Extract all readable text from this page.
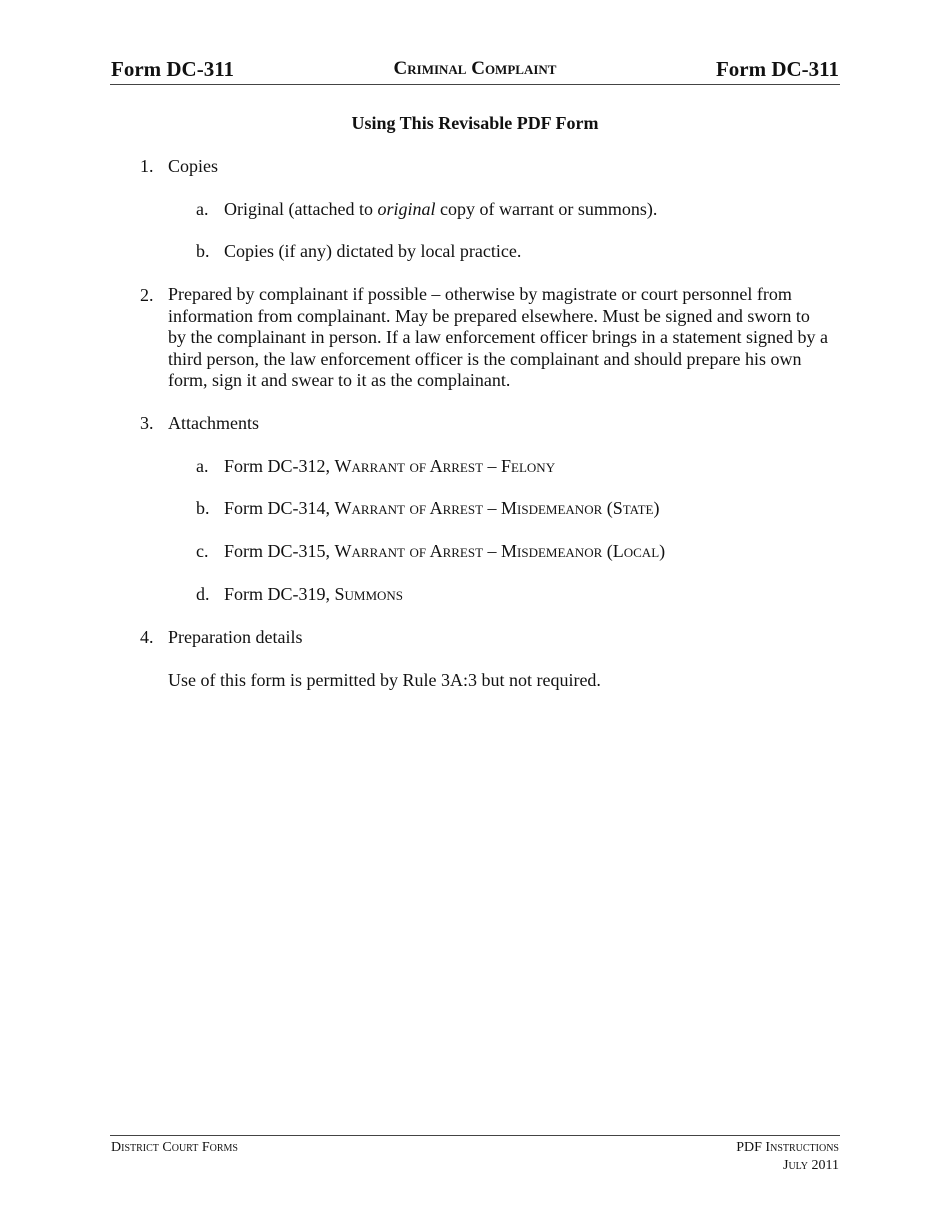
Form DC-311	Criminal Complaint	Form DC-311
Using This Revisable PDF Form
1. Copies
a. Original (attached to original copy of warrant or summons).
b. Copies (if any) dictated by local practice.
2. Prepared by complainant if possible – otherwise by magistrate or court personnel from information from complainant. May be prepared elsewhere. Must be signed and sworn to by the complainant in person. If a law enforcement officer brings in a statement signed by a third person, the law enforcement officer is the complainant and should prepare his own form, sign it and swear to it as the complainant.
3. Attachments
a. Form DC-312, Warrant of Arrest – Felony
b. Form DC-314, Warrant of Arrest – Misdemeanor (State)
c. Form DC-315, Warrant of Arrest – Misdemeanor (Local)
d. Form DC-319, Summons
4. Preparation details
Use of this form is permitted by Rule 3A:3 but not required.
District Court Forms	PDF Instructions
July 2011
